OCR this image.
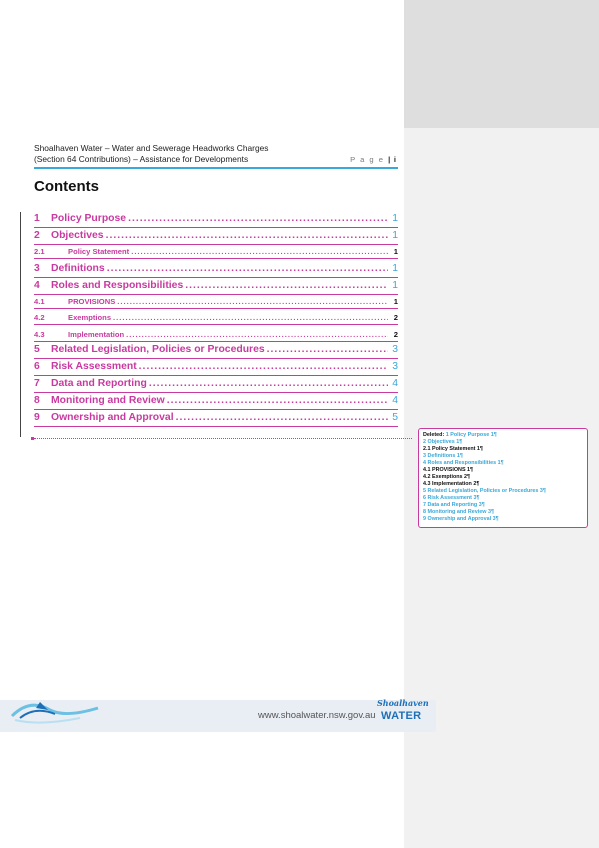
Shoalhaven Water – Water and Sewerage Headworks Charges
(Section 64 Contributions) – Assistance for Developments	P a g e | i
Contents
1	Policy Purpose .....	1
2	Objectives .....	1
2.1	Policy Statement .....	1
3	Definitions .....	1
4	Roles and Responsibilities .....	1
4.1	PROVISIONS .....	1
4.2	Exemptions .....	2
4.3	Implementation .....	2
5	Related Legislation, Policies or Procedures .....	3
6	Risk Assessment .....	3
7	Data and Reporting .....	4
8	Monitoring and Review .....	4
9	Ownership and Approval .....	5
Deleted: 1 Policy Purpose 1¶
2 Objectives 1¶
2.1 Policy Statement 1¶
3 Definitions 1¶
4 Roles and Responsibilities 1¶
4.1 PROVISIONS 1¶
4.2 Exemptions 2¶
4.3 Implementation 2¶
5 Related Legislation, Policies or Procedures 3¶
6 Risk Assessment 3¶
7 Data and Reporting 3¶
8 Monitoring and Review 3¶
9 Ownership and Approval 3¶
www.shoalwater.nsw.gov.au
Shoalhaven
WATER
